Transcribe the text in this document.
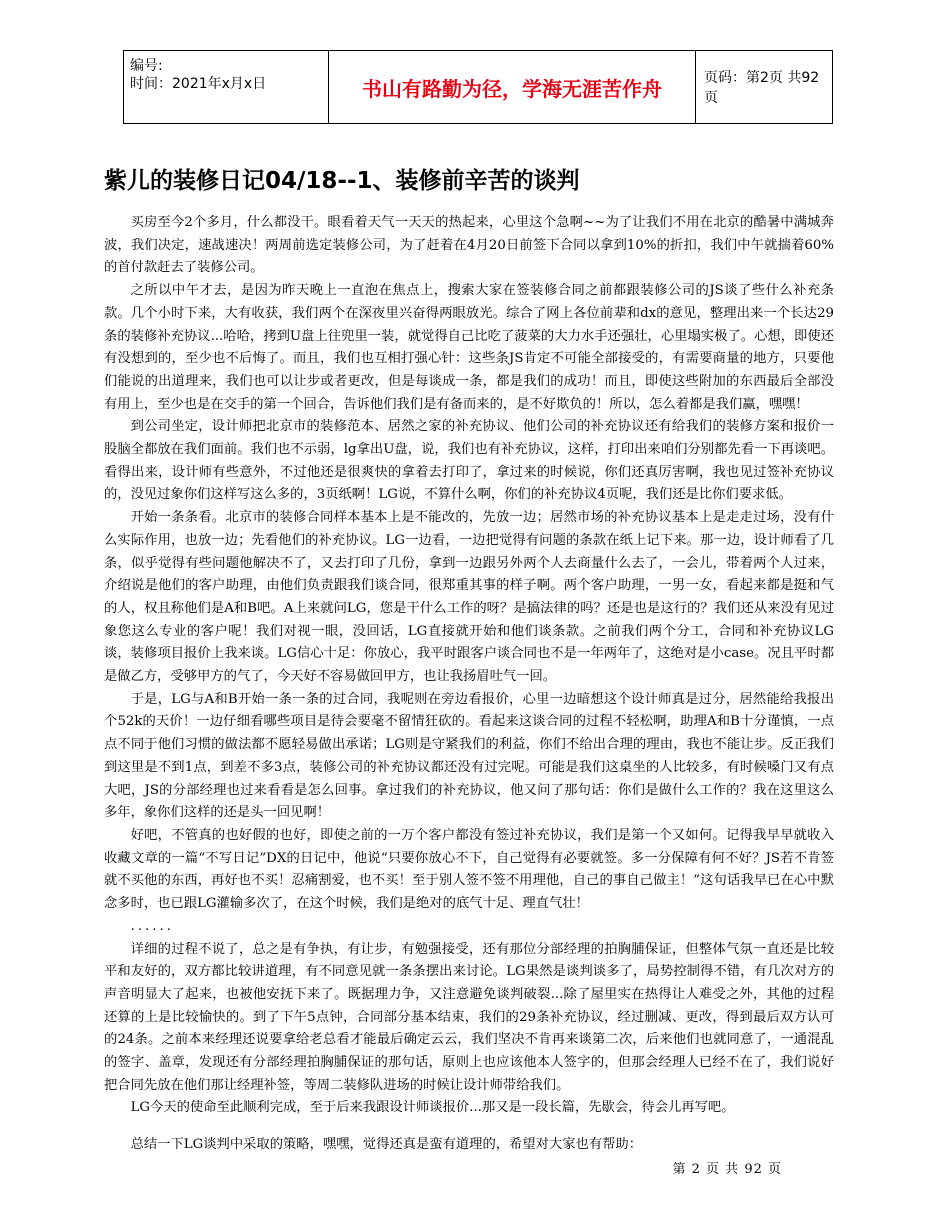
编号:
时间：2021年x月x日	书山有路勤为径，学海无涯苦作舟	页码：第2页 共92页
紫儿的装修日记04/18--1、装修前辛苦的谈判

买房至今2个多月，什么都没干。眼看着天气一天天的热起来，心里这个急啊~~为了让我们不用在北京的酷暑中满城奔波，我们决定，速战速决！两周前选定装修公司，为了赶着在4月20日前签下合同以拿到10%的折扣，我们中午就揣着60%的首付款赶去了装修公司。

之所以中午才去，是因为昨天晚上一直泡在焦点上，搜索大家在签装修合同之前都跟装修公司的JS谈了些什么补充条款。几个小时下来，大有收获，我们两个在深夜里兴奋得两眼放光。综合了网上各位前辈和dx的意见，整理出来一个长达29条的装修补充协议...哈哈，拷到U盘上往兜里一装，就觉得自己比吃了菠菜的大力水手还强壮，心里塌实极了。心想，即使还有没想到的，至少也不后悔了。而且，我们也互相打强心针：这些条JS肯定不可能全部接受的，有需要商量的地方，只要他们能说的出道理来，我们也可以让步或者更改，但是每谈成一条，都是我们的成功！而且，即使这些附加的东西最后全部没有用上，至少也是在交手的第一个回合，告诉他们我们是有备而来的，是不好欺负的！所以，怎么着都是我们赢，嘿嘿！

到公司坐定，设计师把北京市的装修范本、居然之家的补充协议、他们公司的补充协议还有给我们的装修方案和报价一股脑全都放在我们面前。我们也不示弱，lg拿出U盘，说，我们也有补充协议，这样，打印出来咱们分别都先看一下再谈吧。看得出来，设计师有些意外，不过他还是很爽快的拿着去打印了，拿过来的时候说，你们还真厉害啊，我也见过签补充协议的，没见过象你们这样写这么多的，3页纸啊！LG说，不算什么啊，你们的补充协议4页呢，我们还是比你们要求低。

开始一条条看。北京市的装修合同样本基本上是不能改的，先放一边；居然市场的补充协议基本上是走走过场，没有什么实际作用，也放一边；先看他们的补充协议。LG一边看，一边把觉得有问题的条款在纸上记下来。那一边，设计师看了几条，似乎觉得有些问题他解决不了，又去打印了几份，拿到一边跟另外两个人去商量什么去了，一会儿，带着两个人过来，介绍说是他们的客户助理，由他们负责跟我们谈合同，很郑重其事的样子啊。两个客户助理，一男一女，看起来都是挺和气的人，权且称他们是A和B吧。A上来就问LG，您是干什么工作的呀？是搞法律的吗？还是也是这行的？我们还从来没有见过象您这么专业的客户呢！我们对视一眼，没回话，LG直接就开始和他们谈条款。之前我们两个分工，合同和补充协议LG谈，装修项目报价上我来谈。LG信心十足：你放心，我平时跟客户谈合同也不是一年两年了，这绝对是小case。况且平时都是做乙方，受够甲方的气了，今天好不容易做回甲方，也让我扬眉吐气一回。

于是，LG与A和B开始一条一条的过合同，我呢则在旁边看报价，心里一边暗想这个设计师真是过分，居然能给我报出个52k的天价！一边仔细看哪些项目是待会要毫不留情狂砍的。看起来这谈合同的过程不轻松啊，助理A和B十分谨慎，一点点不同于他们习惯的做法都不愿轻易做出承诺；LG则是守紧我们的利益，你们不给出合理的理由，我也不能让步。反正我们到这里是不到1点，到差不多3点，装修公司的补充协议都还没有过完呢。可能是我们这桌坐的人比较多，有时候嗓门又有点大吧，JS的分部经理也过来看看是怎么回事。拿过我们的补充协议，他又问了那句话：你们是做什么工作的？我在这里这么多年，象你们这样的还是头一回见啊！

好吧，不管真的也好假的也好，即使之前的一万个客户都没有签过补充协议，我们是第一个又如何。记得我早早就收入收藏文章的一篇“不写日记”DX的日记中，他说“只要你放心不下，自己觉得有必要就签。多一分保障有何不好？JS若不肯签就不买他的东西，再好也不买！忍痛割爱，也不买！至于别人签不签不用理他，自己的事自己做主！”这句话我早已在心中默念多时，也已跟LG灌输多次了，在这个时候，我们是绝对的底气十足、理直气壮！

......

详细的过程不说了，总之是有争执，有让步，有勉强接受，还有那位分部经理的拍胸脯保证，但整体气氛一直还是比较平和友好的，双方都比较讲道理，有不同意见就一条条摆出来讨论。LG果然是谈判谈多了，局势控制得不错，有几次对方的声音明显大了起来，也被他安抚下来了。既据理力争，又注意避免谈判破裂...除了屋里实在热得让人难受之外，其他的过程还算的上是比较愉快的。到了下午5点钟，合同部分基本结束，我们的29条补充协议，经过删减、更改，得到最后双方认可的24条。之前本来经理还说要拿给老总看才能最后确定云云，我们坚决不肯再来谈第二次，后来他们也就同意了，一通混乱的签字、盖章，发现还有分部经理拍胸脯保证的那句话，原则上也应该他本人签字的，但那会经理人已经不在了，我们说好把合同先放在他们那让经理补签，等周二装修队进场的时候让设计师带给我们。

LG今天的使命至此顺利完成，至于后来我跟设计师谈报价...那又是一段长篇，先歇会，待会儿再写吧。

总结一下LG谈判中采取的策略，嘿嘿，觉得还真是蛮有道理的，希望对大家也有帮助：

第 2 页 共 92 页
